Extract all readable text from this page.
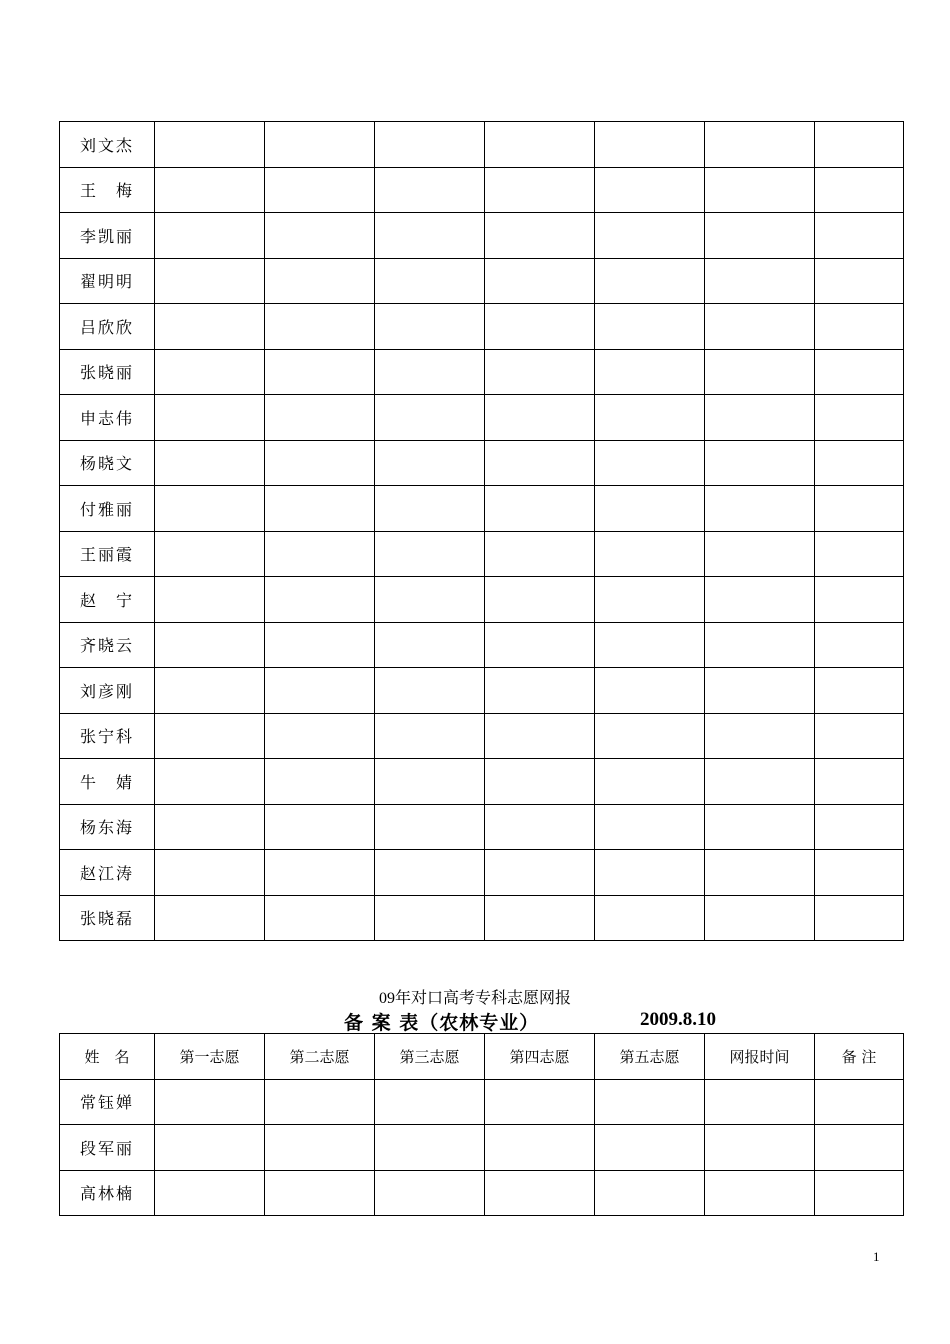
刘文杰							
王　梅							
李凯丽							
翟明明							
吕欣欣							
张晓丽							
申志伟							
杨晓文							
付雅丽							
王丽霞							
赵　宁							
齐晓云							
刘彦刚							
张宁科							
牛　婧							
杨东海							
赵江涛							
张晓磊							
09年对口高考专科志愿网报
备 案 表（农林专业）	2009.8.10
姓　名	第一志愿	第二志愿	第三志愿	第四志愿	第五志愿	网报时间	备 注
常钰婵							
段军丽							
高林楠							
1
